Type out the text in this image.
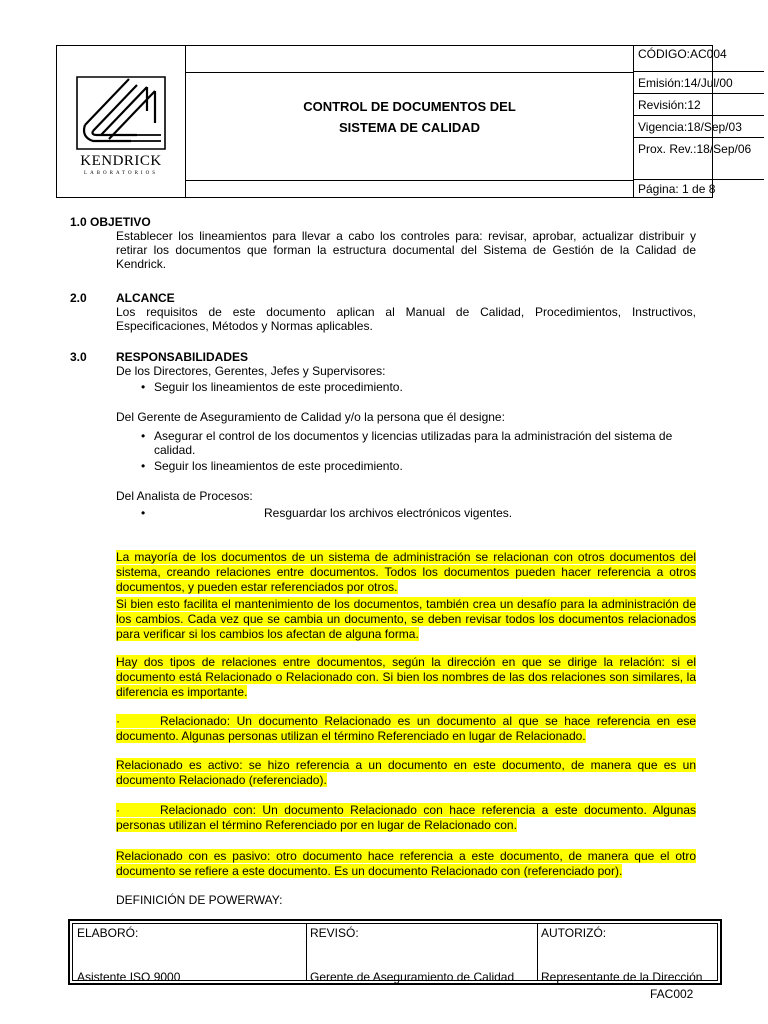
KENDRICK
LABORATORIOS
CONTROL DE DOCUMENTOS DEL
SISTEMA DE CALIDAD
CÓDIGO:AC004
Emisión:14/Jul/00
Revisión:12
Vigencia:18/Sep/03
Prox. Rev.:18/Sep/06
Página: 1 de 8
1.0 OBJETIVO
Establecer los lineamientos para llevar a cabo los controles para: revisar, aprobar, actualizar distribuir y retirar los documentos que forman la estructura documental del Sistema de Gestión de la Calidad de Kendrick.
2.0 ALCANCE
Los requisitos de este documento aplican al Manual de Calidad, Procedimientos, Instructivos, Especificaciones, Métodos y Normas aplicables.
3.0 RESPONSABILIDADES
De los Directores, Gerentes, Jefes y Supervisores:
• Seguir los lineamientos de este procedimiento.
Del Gerente de Aseguramiento de Calidad y/o la persona que él designe:
• Asegurar el control de los documentos y licencias utilizadas para la administración del sistema de calidad.
• Seguir los lineamientos de este procedimiento.
Del Analista de Procesos:
•	Resguardar los archivos electrónicos vigentes.
La mayoría de los documentos de un sistema de administración se relacionan con otros documentos del sistema, creando relaciones entre documentos. Todos los documentos pueden hacer referencia a otros documentos, y pueden estar referenciados por otros.
Si bien esto facilita el mantenimiento de los documentos, también crea un desafío para la administración de los cambios. Cada vez que se cambia un documento, se deben revisar todos los documentos relacionados para verificar si los cambios los afectan de alguna forma.
Hay dos tipos de relaciones entre documentos, según la dirección en que se dirige la relación: si el documento está Relacionado o Relacionado con. Si bien los nombres de las dos relaciones son similares, la diferencia es importante.
·	Relacionado: Un documento Relacionado es un documento al que se hace referencia en ese documento. Algunas personas utilizan el término Referenciado en lugar de Relacionado.
Relacionado es activo: se hizo referencia a un documento en este documento, de manera que es un documento Relacionado (referenciado).
·	Relacionado con: Un documento Relacionado con hace referencia a este documento. Algunas personas utilizan el término Referenciado por en lugar de Relacionado con.
Relacionado con es pasivo: otro documento hace referencia a este documento, de manera que el otro documento se refiere a este documento. Es un documento Relacionado con (referenciado por).
DEFINICIÓN DE POWERWAY:
ELABORÓ:
Asistente ISO 9000
REVISÓ:
Gerente de Aseguramiento de Calidad
AUTORIZÓ:
Representante de la Dirección
FAC002
